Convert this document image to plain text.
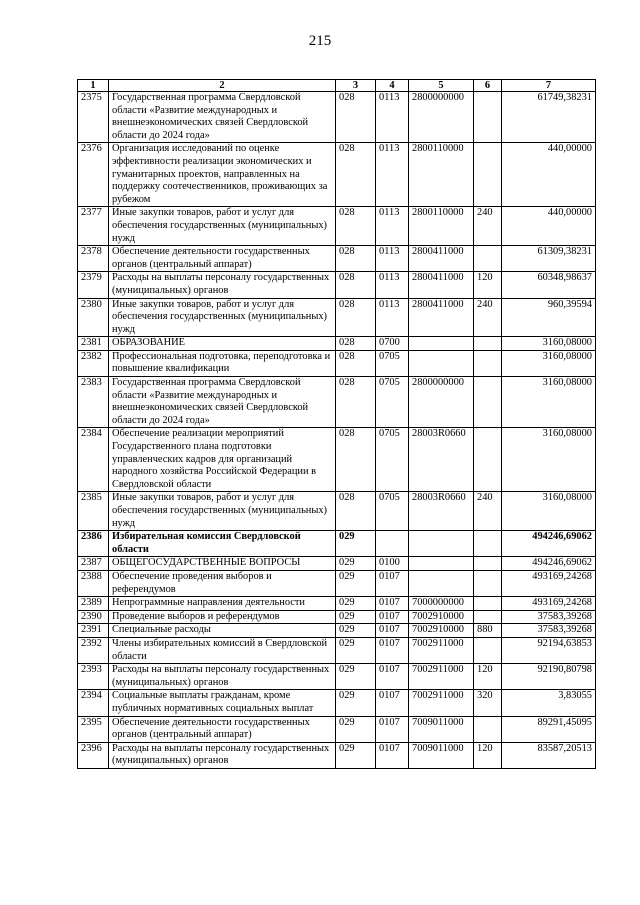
215
1	2	3	4	5	6	7
2375	Государственная программа Свердловской области «Развитие международных и внешнеэкономических связей Свердловской области до 2024 года»	028	0113	2800000000		61749,38231
2376	Организация исследований по оценке эффективности реализации экономических и гуманитарных проектов, направленных на поддержку соотечественников, проживающих за рубежом	028	0113	2800110000		440,00000
2377	Иные закупки товаров, работ и услуг для обеспечения государственных (муниципальных) нужд	028	0113	2800110000	240	440,00000
2378	Обеспечение деятельности государственных органов (центральный аппарат)	028	0113	2800411000		61309,38231
2379	Расходы на выплаты персоналу государственных (муниципальных) органов	028	0113	2800411000	120	60348,98637
2380	Иные закупки товаров, работ и услуг для обеспечения государственных (муниципальных) нужд	028	0113	2800411000	240	960,39594
2381	ОБРАЗОВАНИЕ	028	0700			3160,08000
2382	Профессиональная подготовка, переподготовка и повышение квалификации	028	0705			3160,08000
2383	Государственная программа Свердловской области «Развитие международных и внешнеэкономических связей Свердловской области до 2024 года»	028	0705	2800000000		3160,08000
2384	Обеспечение реализации мероприятий Государственного плана подготовки управленческих кадров для организаций народного хозяйства Российской Федерации в Свердловской области	028	0705	28003R0660		3160,08000
2385	Иные закупки товаров, работ и услуг для обеспечения государственных (муниципальных) нужд	028	0705	28003R0660	240	3160,08000
2386	Избирательная комиссия Свердловской области	029				494246,69062
2387	ОБЩЕГОСУДАРСТВЕННЫЕ ВОПРОСЫ	029	0100			494246,69062
2388	Обеспечение проведения выборов и референдумов	029	0107			493169,24268
2389	Непрограммные направления деятельности	029	0107	7000000000		493169,24268
2390	Проведение выборов и референдумов	029	0107	7002910000		37583,39268
2391	Специальные расходы	029	0107	7002910000	880	37583,39268
2392	Члены избирательных комиссий в Свердловской области	029	0107	7002911000		92194,63853
2393	Расходы на выплаты персоналу государственных (муниципальных) органов	029	0107	7002911000	120	92190,80798
2394	Социальные выплаты гражданам, кроме публичных нормативных социальных выплат	029	0107	7002911000	320	3,83055
2395	Обеспечение деятельности государственных органов (центральный аппарат)	029	0107	7009011000		89291,45095
2396	Расходы на выплаты персоналу государственных (муниципальных) органов	029	0107	7009011000	120	83587,20513
